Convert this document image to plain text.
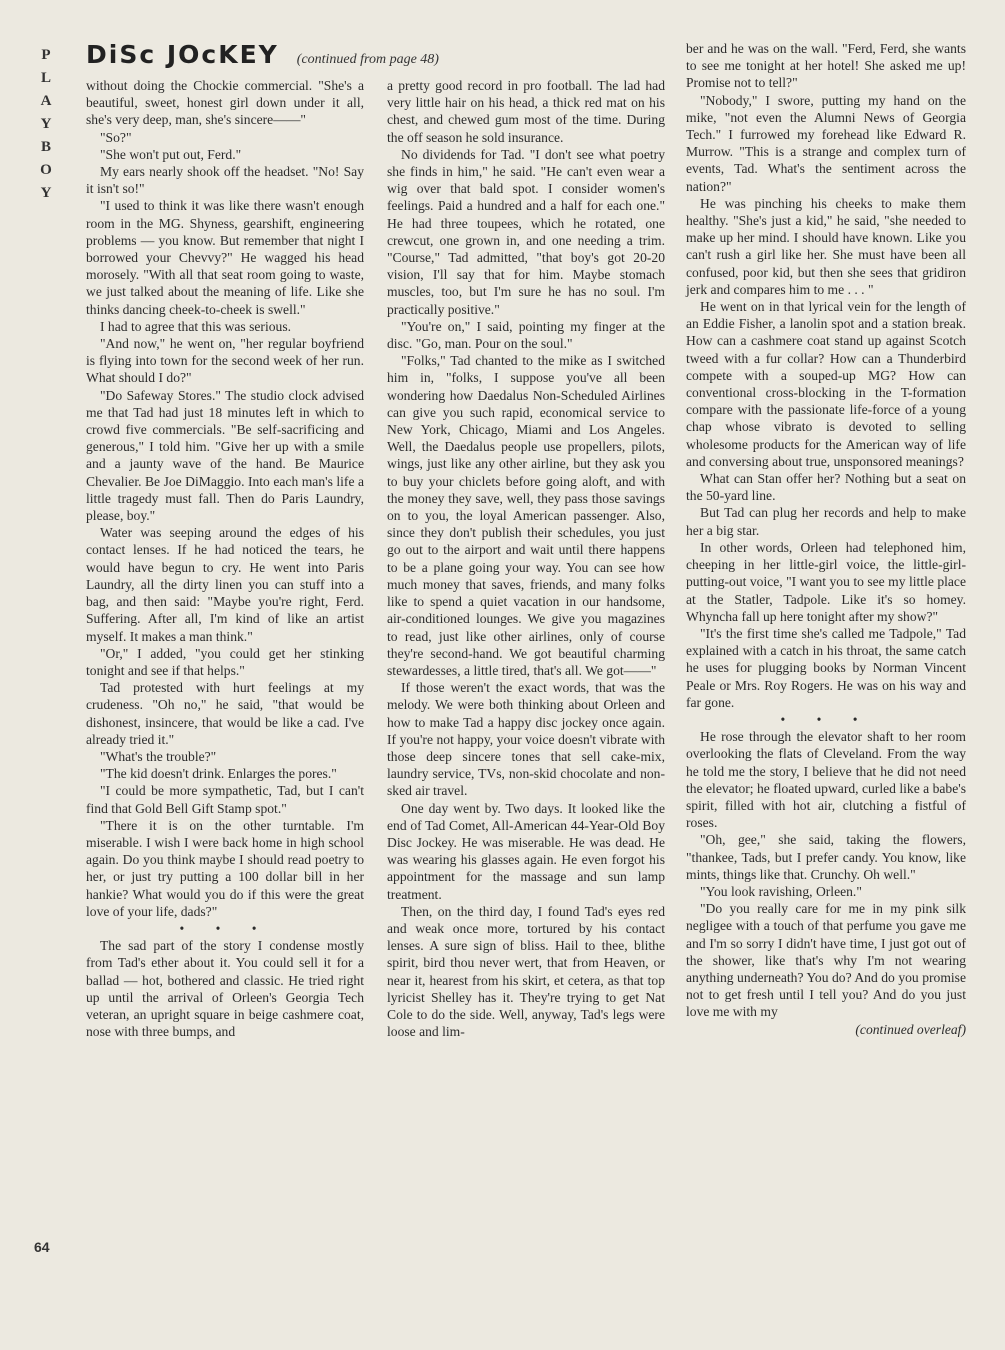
P
L
A
Y
B
O
Y
DiSc JOcKEY (continued from page 48)

without doing the Chockie commercial. "She's a beautiful, sweet, honest girl down under it all, she's very deep, man, she's sincere——"

"So?"

"She won't put out, Ferd."

My ears nearly shook off the headset. "No! Say it isn't so!"

"I used to think it was like there wasn't enough room in the MG. Shyness, gearshift, engineering problems — you know. But remember that night I borrowed your Chevvy?" He wagged his head morosely. "With all that seat room going to waste, we just talked about the meaning of life. Like she thinks dancing cheek-to-cheek is swell."

I had to agree that this was serious.

"And now," he went on, "her regular boyfriend is flying into town for the second week of her run. What should I do?"

"Do Safeway Stores." The studio clock advised me that Tad had just 18 minutes left in which to crowd five commercials. "Be self-sacrificing and generous," I told him. "Give her up with a smile and a jaunty wave of the hand. Be Maurice Chevalier. Be Joe DiMaggio. Into each man's life a little tragedy must fall. Then do Paris Laundry, please, boy."

Water was seeping around the edges of his contact lenses. If he had noticed the tears, he would have begun to cry. He went into Paris Laundry, all the dirty linen you can stuff into a bag, and then said: "Maybe you're right, Ferd. Suffering. After all, I'm kind of like an artist myself. It makes a man think."

"Or," I added, "you could get her stinking tonight and see if that helps."

Tad protested with hurt feelings at my crudeness. "Oh no," he said, "that would be dishonest, insincere, that would be like a cad. I've already tried it."

"What's the trouble?"

"The kid doesn't drink. Enlarges the pores."

"I could be more sympathetic, Tad, but I can't find that Gold Bell Gift Stamp spot."

"There it is on the other turntable. I'm miserable. I wish I were back home in high school again. Do you think maybe I should read poetry to her, or just try putting a 100 dollar bill in her hankie? What would you do if this were the great love of your life, dads?"

• • •

The sad part of the story I condense mostly from Tad's ether about it. You could sell it for a ballad — hot, bothered and classic. He tried right up until the arrival of Orleen's Georgia Tech veteran, an upright square in beige cashmere coat, nose with three bumps, and

a pretty good record in pro football. The lad had very little hair on his head, a thick red mat on his chest, and chewed gum most of the time. During the off season he sold insurance.

No dividends for Tad. "I don't see what poetry she finds in him," he said. "He can't even wear a wig over that bald spot. I consider women's feelings. Paid a hundred and a half for each one." He had three toupees, which he rotated, one crewcut, one grown in, and one needing a trim. "Course," Tad admitted, "that boy's got 20-20 vision, I'll say that for him. Maybe stomach muscles, too, but I'm sure he has no soul. I'm practically positive."

"You're on," I said, pointing my finger at the disc. "Go, man. Pour on the soul."

"Folks," Tad chanted to the mike as I switched him in, "folks, I suppose you've all been wondering how Daedalus Non-Scheduled Airlines can give you such rapid, economical service to New York, Chicago, Miami and Los Angeles. Well, the Daedalus people use propellers, pilots, wings, just like any other airline, but they ask you to buy your chiclets before going aloft, and with the money they save, well, they pass those savings on to you, the loyal American passenger. Also, since they don't publish their schedules, you just go out to the airport and wait until there happens to be a plane going your way. You can see how much money that saves, friends, and many folks like to spend a quiet vacation in our handsome, air-conditioned lounges. We give you magazines to read, just like other airlines, only of course they're second-hand. We got beautiful charming stewardesses, a little tired, that's all. We got——"

If those weren't the exact words, that was the melody. We were both thinking about Orleen and how to make Tad a happy disc jockey once again. If you're not happy, your voice doesn't vibrate with those deep sincere tones that sell cake-mix, laundry service, TVs, non-skid chocolate and non-sked air travel.

One day went by. Two days. It looked like the end of Tad Comet, All-American 44-Year-Old Boy Disc Jockey. He was miserable. He was dead. He was wearing his glasses again. He even forgot his appointment for the massage and sun lamp treatment.

Then, on the third day, I found Tad's eyes red and weak once more, tortured by his contact lenses. A sure sign of bliss. Hail to thee, blithe spirit, bird thou never wert, that from Heaven, or near it, hearest from his skirt, et cetera, as that top lyricist Shelley has it. They're trying to get Nat Cole to do the side. Well, anyway, Tad's legs were loose and lim-

ber and he was on the wall. "Ferd, Ferd, she wants to see me tonight at her hotel! She asked me up! Promise not to tell?"

"Nobody," I swore, putting my hand on the mike, "not even the Alumni News of Georgia Tech." I furrowed my forehead like Edward R. Murrow. "This is a strange and complex turn of events, Tad. What's the sentiment across the nation?"

He was pinching his cheeks to make them healthy. "She's just a kid," he said, "she needed to make up her mind. I should have known. Like you can't rush a girl like her. She must have been all confused, poor kid, but then she sees that gridiron jerk and compares him to me . . . "

He went on in that lyrical vein for the length of an Eddie Fisher, a lanolin spot and a station break. How can a cashmere coat stand up against Scotch tweed with a fur collar? How can a Thunderbird compete with a souped-up MG? How can conventional cross-blocking in the T-formation compare with the passionate life-force of a young chap whose vibrato is devoted to selling wholesome products for the American way of life and conversing about true, unsponsored meanings?

What can Stan offer her? Nothing but a seat on the 50-yard line.

But Tad can plug her records and help to make her a big star.

In other words, Orleen had telephoned him, cheeping in her little-girl voice, the little-girl-putting-out voice, "I want you to see my little place at the Statler, Tadpole. Like it's so homey. Whyncha fall up here tonight after my show?"

"It's the first time she's called me Tadpole," Tad explained with a catch in his throat, the same catch he uses for plugging books by Norman Vincent Peale or Mrs. Roy Rogers. He was on his way and far gone.

• • •

He rose through the elevator shaft to her room overlooking the flats of Cleveland. From the way he told me the story, I believe that he did not need the elevator; he floated upward, curled like a babe's spirit, filled with hot air, clutching a fistful of roses.

"Oh, gee," she said, taking the flowers, "thankee, Tads, but I prefer candy. You know, like mints, things like that. Crunchy. Oh well."

"You look ravishing, Orleen."

"Do you really care for me in my pink silk negligee with a touch of that perfume you gave me and I'm so sorry I didn't have time, I just got out of the shower, like that's why I'm not wearing anything underneath? You do? And do you promise not to get fresh until I tell you? And do you just love me with my

(continued overleaf)

64
